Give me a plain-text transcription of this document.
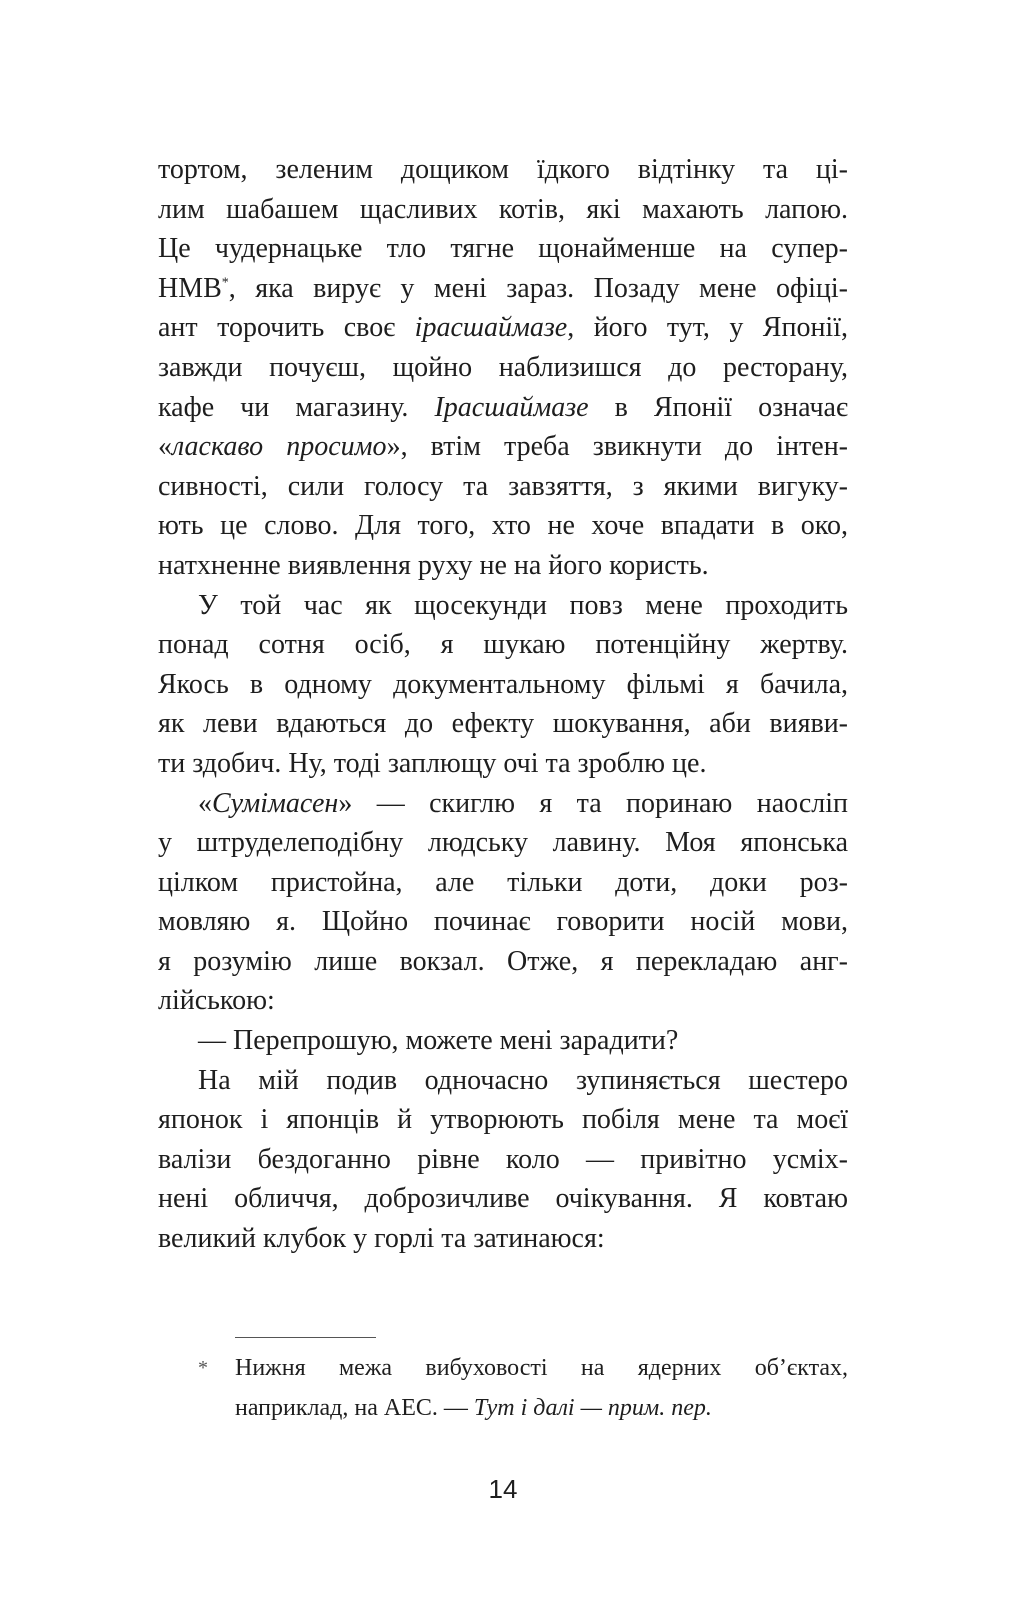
тортом, зеленим дощиком їдкого відтінку та ці-
лим шабашем щасливих котів, які махають лапою.
Це чудернацьке тло тягне щонайменше на супер-
НМВ*, яка вирує у мені зараз. Позаду мене офіці-
ант торочить своє ірасшаймазе, його тут, у Японії,
завжди почуєш, щойно наблизишся до ресторану,
кафе чи магазину. Ірасшаймазе в Японії означає
«ласкаво просимо», втім треба звикнути до інтен-
сивності, сили голосу та завзяття, з якими вигуку-
ють це слово. Для того, хто не хоче впадати в око,
натхненне виявлення руху не на його користь.
У той час як щосекунди повз мене проходить
понад сотня осіб, я шукаю потенційну жертву.
Якось в одному документальному фільмі я бачила,
як леви вдаються до ефекту шокування, аби вияви-
ти здобич. Ну, тоді заплющу очі та зроблю це.
«Сумімасен» — скиглю я та поринаю наосліп
у штруделеподібну людську лавину. Моя японська
цілком пристойна, але тільки доти, доки роз-
мовляю я. Щойно починає говорити носій мови,
я розумію лише вокзал. Отже, я перекладаю анг-
лійською:
— Перепрошую, можете мені зарадити?
На мій подив одночасно зупиняється шестеро
японок і японців й утворюють побіля мене та моєї
валізи бездоганно рівне коло — привітно усміх-
нені обличчя, доброзичливе очікування. Я ковтаю
великий клубок у горлі та затинаюся:
* Нижня межа вибуховості на ядерних об’єктах,
наприклад, на АЕС. — Тут і далі — прим. пер.
14
